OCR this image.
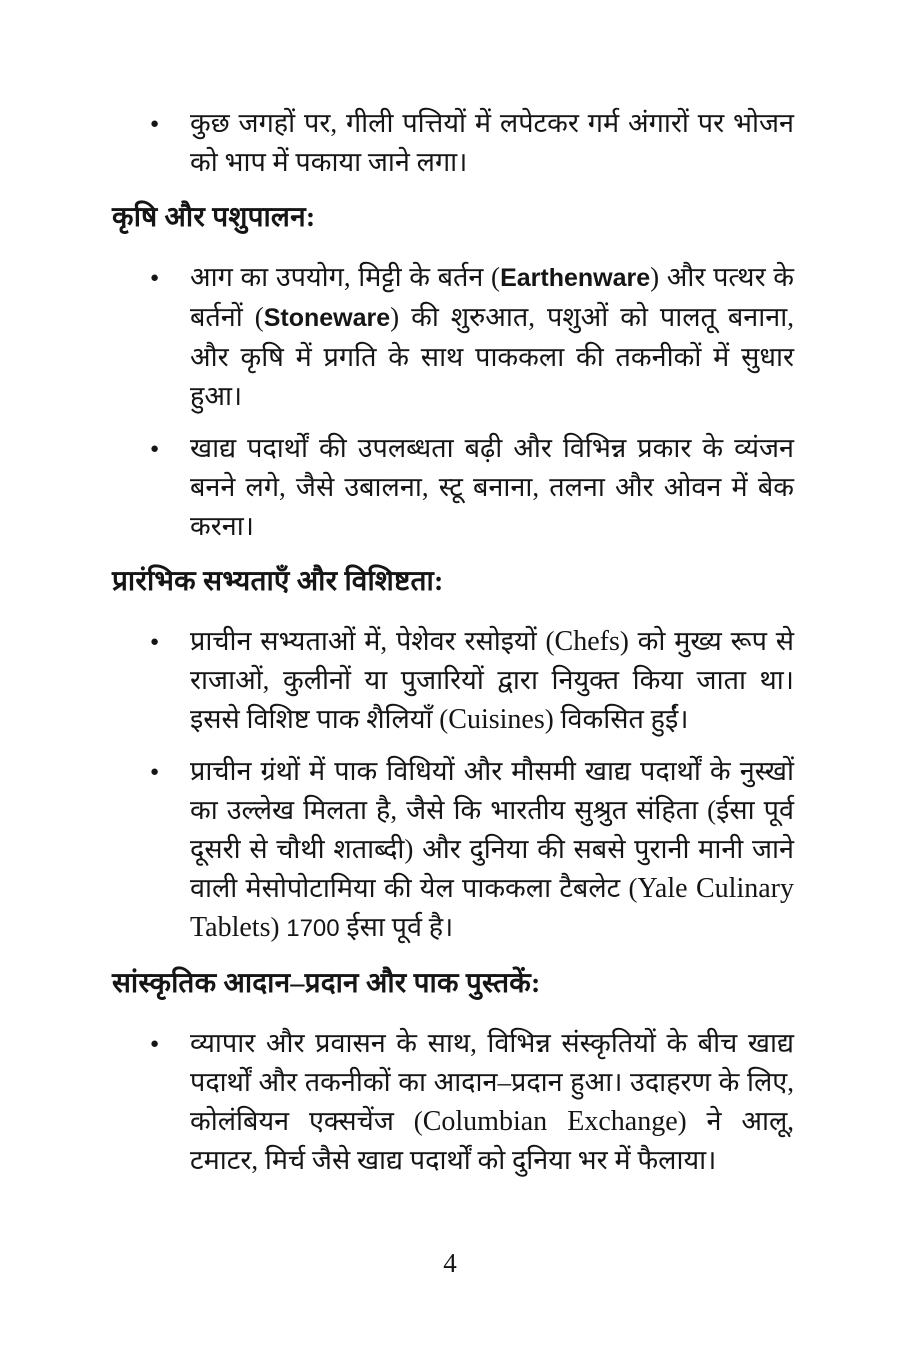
● कुछ जगहों पर, गीली पत्तियों में लपेटकर गर्म अंगारों पर भोजन को भाप में पकाया जाने लगा।
कृषि और पशुपालन:
● आग का उपयोग, मिट्टी के बर्तन (Earthenware) और पत्थर के बर्तनों (Stoneware) की शुरुआत, पशुओं को पालतू बनाना, और कृषि में प्रगति के साथ पाककला की तकनीकों में सुधार हुआ।
● खाद्य पदार्थों की उपलब्धता बढ़ी और विभिन्न प्रकार के व्यंजन बनने लगे, जैसे उबालना, स्टू बनाना, तलना और ओवन में बेक करना।
प्रारंभिक सभ्यताएँ और विशिष्टता:
● प्राचीन सभ्यताओं में, पेशेवर रसोइयों (Chefs) को मुख्य रूप से राजाओं, कुलीनों या पुजारियों द्वारा नियुक्त किया जाता था। इससे विशिष्ट पाक शैलियाँ (Cuisines) विकसित हुईं।
● प्राचीन ग्रंथों में पाक विधियों और मौसमी खाद्य पदार्थों के नुस्खों का उल्लेख मिलता है, जैसे कि भारतीय सुश्रुत संहिता (ईसा पूर्व दूसरी से चौथी शताब्दी) और दुनिया की सबसे पुरानी मानी जाने वाली मेसोपोटामिया की येल पाककला टैबलेट (Yale Culinary Tablets) 1700 ईसा पूर्व है।
सांस्कृतिक आदान–प्रदान और पाक पुस्तकें:
● व्यापार और प्रवासन के साथ, विभिन्न संस्कृतियों के बीच खाद्य पदार्थों और तकनीकों का आदान–प्रदान हुआ। उदाहरण के लिए, कोलंबियन एक्सचेंज (Columbian Exchange) ने आलू, टमाटर, मिर्च जैसे खाद्य पदार्थों को दुनिया भर में फैलाया।
4
